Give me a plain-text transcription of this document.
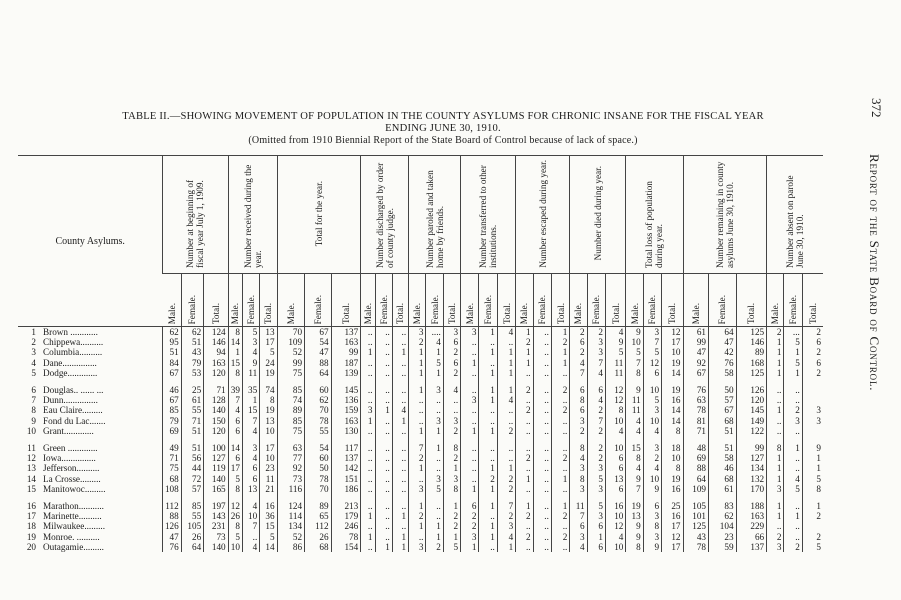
TABLE II.—SHOWING MOVEMENT OF POPULATION IN THE COUNTY ASYLUMS FOR CHRONIC INSANE FOR THE FISCAL YEAR
ENDING JUNE 30, 1910.
(Omitted from 1910 Biennial Report of the State Board of Control because of lack of space.)
372
Report of the State Board of Control.
County Asylums.	Number at beginning of fiscal year July 1, 1909.			Number received during the year.			Total for the year.			Number discharged by order of county judge.			Number paroled and taken home by friends.			Number transferred to other institutions.			Number escaped during year.			Number died during year.			Total loss of population during year.			Number remaining in county asylums June 30, 1910.			Number absent on parole June 30, 1910.		
	Male.	Female.	Total.	Male.	Female.	Total.	Male.	Female.	Total.	Male.	Female.	Total.	Male.	Female.	Total.	Male.	Female.	Total.	Male.	Female.	Total.	Male.	Female.	Total.	Male.	Female.	Total.	Male.	Female.	Total.	Male.	Female.	Total.
1 Brown ............	62	62	124	8	5	13	70	67	137	..	..	..	3	....	3	3	1	4	1	..	1	2	2	4	9	3	12	61	64	125	2	...	2
2 Chippewa..........	95	51	146	14	3	17	109	54	163	..	..	..	2	4	6	..	..	..	2	..	2	6	3	9	10	7	17	99	47	146	1	5	6
3 Columbia..........	51	43	94	1	4	5	52	47	99	1	..	1	1	1	2	..	1	1	1	..	1	2	3	5	5	5	10	47	42	89	1	1	2
4 Dane...............	84	79	163	15	9	24	99	88	187	..	..	..	1	5	6	1	..	1	1	..	1	4	7	11	7	12	19	92	76	168	1	5	6
5 Dodge.............	67	53	120	8	11	19	75	64	139	..	..	..	1	1	2	..	1	1	..	..	..	7	4	11	8	6	14	67	58	125	1	1	2

6 Douglas.. ...... ...	46	25	71	39	35	74	85	60	145	..	..	..	1	3	4	..	1	1	2	..	2	6	6	12	9	10	19	76	50	126	..	..	
7 Dunn...............	67	61	128	7	1	8	74	62	136	..	..	..	..	..	..	3	1	4	..	..	..	8	4	12	11	5	16	63	57	120	..	..	
8 Eau Claire.........	85	55	140	4	15	19	89	70	159	3	1	4	..	..	..	..	..	..	2	..	2	6	2	8	11	3	14	78	67	145	1	2	3
9 Fond du Lac.......	79	71	150	6	7	13	85	78	163	1	..	1	..	3	3	..	..	..	..	..	..	3	7	10	4	10	14	81	68	149	..	3	3
10 Grant.............	69	51	120	6	4	10	75	55	130	..	..	..	1	1	2	1	1	2	..	..	..	2	2	4	4	4	8	71	51	122	..	..	

11 Green .............	49	51	100	14	3	17	63	54	117	..	..	..	7	1	8	..	..	..	..	..	..	8	2	10	15	3	18	48	51	99	8	1	9
12 Iowa...............	71	56	127	6	4	10	77	60	137	..	..	..	2	..	2	..	..	..	2	..	2	4	2	6	8	2	10	69	58	127	1	..	1
13 Jefferson..........	75	44	119	17	6	23	92	50	142	..	..	..	1	..	1	..	1	1	..	..	..	3	3	6	4	4	8	88	46	134	1	..	1
14 La Crosse.........	68	72	140	5	6	11	73	78	151	..	..	..	..	3	3	..	2	2	1	..	1	8	5	13	9	10	19	64	68	132	1	4	5
15 Manitowoc.........	108	57	165	8	13	21	116	70	186	..	..	..	3	5	8	1	1	2	..	..	..	3	3	6	7	9	16	109	61	170	3	5	8

16 Marathon...........	112	85	197	12	4	16	124	89	213	..	..	..	1	..	1	6	1	7	1	..	1	11	5	16	19	6	25	105	83	188	1	..	1
17 Marinette..........	88	55	143	26	10	36	114	65	179	1	..	1	2	..	2	2	..	2	2	..	2	7	3	10	13	3	16	101	62	163	1	1	2
18 Milwaukee.........	126	105	231	8	7	15	134	112	246	..	..	..	1	1	2	2	1	3	..	..	..	6	6	12	9	8	17	125	104	229	..	..	
19 Monroe. ..........	47	26	73	5	..	5	52	26	78	1	..	1	..	1	1	3	1	4	2	..	2	3	1	4	9	3	12	43	23	66	2	..	2
20 Outagamie.........	76	64	140	10	4	14	86	68	154	..	1	1	3	2	5	1	..	1	..	..	..	4	6	10	8	9	17	78	59	137	3	2	5
